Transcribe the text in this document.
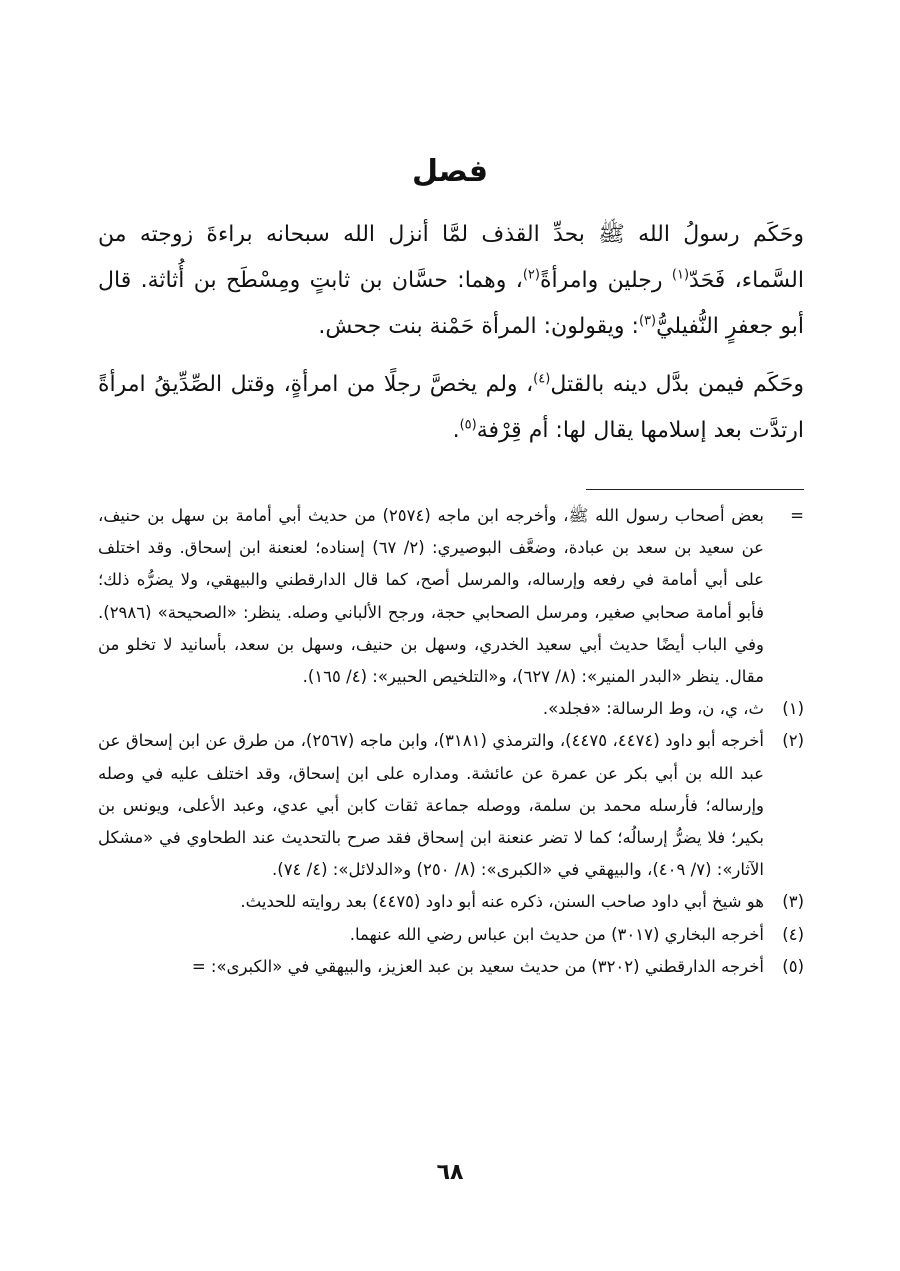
فصل

وحَكَم رسولُ الله ﷺ بحدِّ القذف لمَّا أنزل الله سبحانه براءةَ زوجته من السَّماء، فَحَدّ$^{(١)}$ رجلين وامرأةً$^{(٢)}$، وهما: حسَّان بن ثابتٍ ومِسْطَح بن أُثاثة. قال أبو جعفرٍ النُّفيليُّ$^{(٣)}$: ويقولون: المرأة حَمْنة بنت جحش.

وحَكَم فيمن بدَّل دينه بالقتل$^{(٤)}$، ولم يخصَّ رجلًا من امرأةٍ، وقتل الصِّدِّيقُ امرأةً ارتدَّت بعد إسلامها يقال لها: أم قِرْفة$^{(٥)}$.

=
بعض أصحاب رسول الله ﷺ، وأخرجه ابن ماجه (٢٥٧٤) من حديث أبي أمامة بن سهل بن حنيف، عن سعيد بن سعد بن عبادة، وضعَّف البوصيري: (٢/ ٦٧) إسناده؛ لعنعنة ابن إسحاق. وقد اختلف على أبي أمامة في رفعه وإرساله، والمرسل أصح، كما قال الدارقطني والبيهقي، ولا يضرُّه ذلك؛ فأبو أمامة صحابي صغير، ومرسل الصحابي حجة، ورجح الألباني وصله. ينظر: «الصحيحة» (٢٩٨٦). وفي الباب أيضًا حديث أبي سعيد الخدري، وسهل بن حنيف، وسهل بن سعد، بأسانيد لا تخلو من مقال. ينظر «البدر المنير»: (٨/ ٦٢٧)، و«التلخيص الحبير»: (٤/ ١٦٥).
(١)
ث، ي، ن، وط الرسالة: «فجلد».
(٢)
أخرجه أبو داود (٤٤٧٤، ٤٤٧٥)، والترمذي (٣١٨١)، وابن ماجه (٢٥٦٧)، من طرق عن ابن إسحاق عن عبد الله بن أبي بكر عن عمرة عن عائشة. ومداره على ابن إسحاق، وقد اختلف عليه في وصله وإرساله؛ فأرسله محمد بن سلمة، ووصله جماعة ثقات كابن أبي عدي، وعبد الأعلى، ويونس بن بكير؛ فلا يضرُّ إرسالُه؛ كما لا تضر عنعنة ابن إسحاق فقد صرح بالتحديث عند الطحاوي في «مشكل الآثار»: (٧/ ٤٠٩)، والبيهقي في «الكبرى»: (٨/ ٢٥٠) و«الدلائل»: (٤/ ٧٤).
(٣)
هو شيخ أبي داود صاحب السنن، ذكره عنه أبو داود (٤٤٧٥) بعد روايته للحديث.
(٤)
أخرجه البخاري (٣٠١٧) من حديث ابن عباس رضي الله عنهما.
(٥)
أخرجه الدارقطني (٣٢٠٢) من حديث سعيد بن عبد العزيز، والبيهقي في «الكبرى»: =
٦٨
